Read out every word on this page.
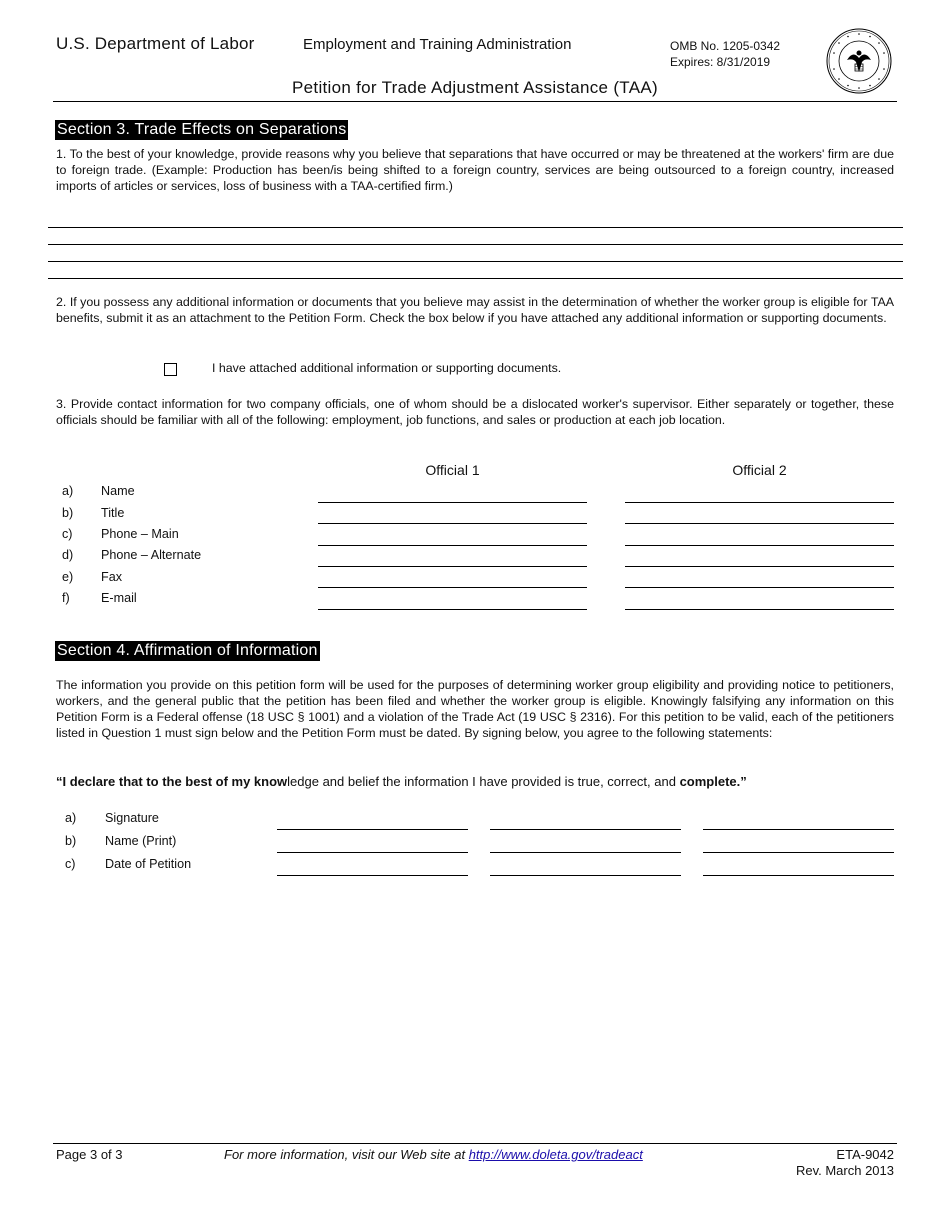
U.S. Department of Labor	Employment and Training Administration	OMB No. 1205-0342
Expires: 8/31/2019
Petition for Trade Adjustment Assistance (TAA)
Section 3. Trade Effects on Separations
1. To the best of your knowledge, provide reasons why you believe that separations that have occurred or may be threatened at the workers' firm are due to foreign trade. (Example: Production has been/is being shifted to a foreign country, services are being outsourced to a foreign country, increased imports of articles or services, loss of business with a TAA-certified firm.)
2. If you possess any additional information or documents that you believe may assist in the determination of whether the worker group is eligible for TAA benefits, submit it as an attachment to the Petition Form. Check the box below if you have attached any additional information or supporting documents.
I have attached additional information or supporting documents.
3. Provide contact information for two company officials, one of whom should be a dislocated worker's supervisor. Either separately or together, these officials should be familiar with all of the following: employment, job functions, and sales or production at each job location.
Official 1	Official 2
a) Name
b) Title
c) Phone – Main
d) Phone – Alternate
e) Fax
f) E-mail
Section 4. Affirmation of Information
The information you provide on this petition form will be used for the purposes of determining worker group eligibility and providing notice to petitioners, workers, and the general public that the petition has been filed and whether the worker group is eligible. Knowingly falsifying any information on this Petition Form is a Federal offense (18 USC § 1001) and a violation of the Trade Act (19 USC § 2316). For this petition to be valid, each of the petitioners listed in Question 1 must sign below and the Petition Form must be dated. By signing below, you agree to the following statements:
“I declare that to the best of my knowledge and belief the information I have provided is true, correct, and complete.”
a) Signature
b) Name (Print)
c) Date of Petition
Page 3 of 3	For more information, visit our Web site at http://www.doleta.gov/tradeact	ETA-9042
Rev. March 2013
